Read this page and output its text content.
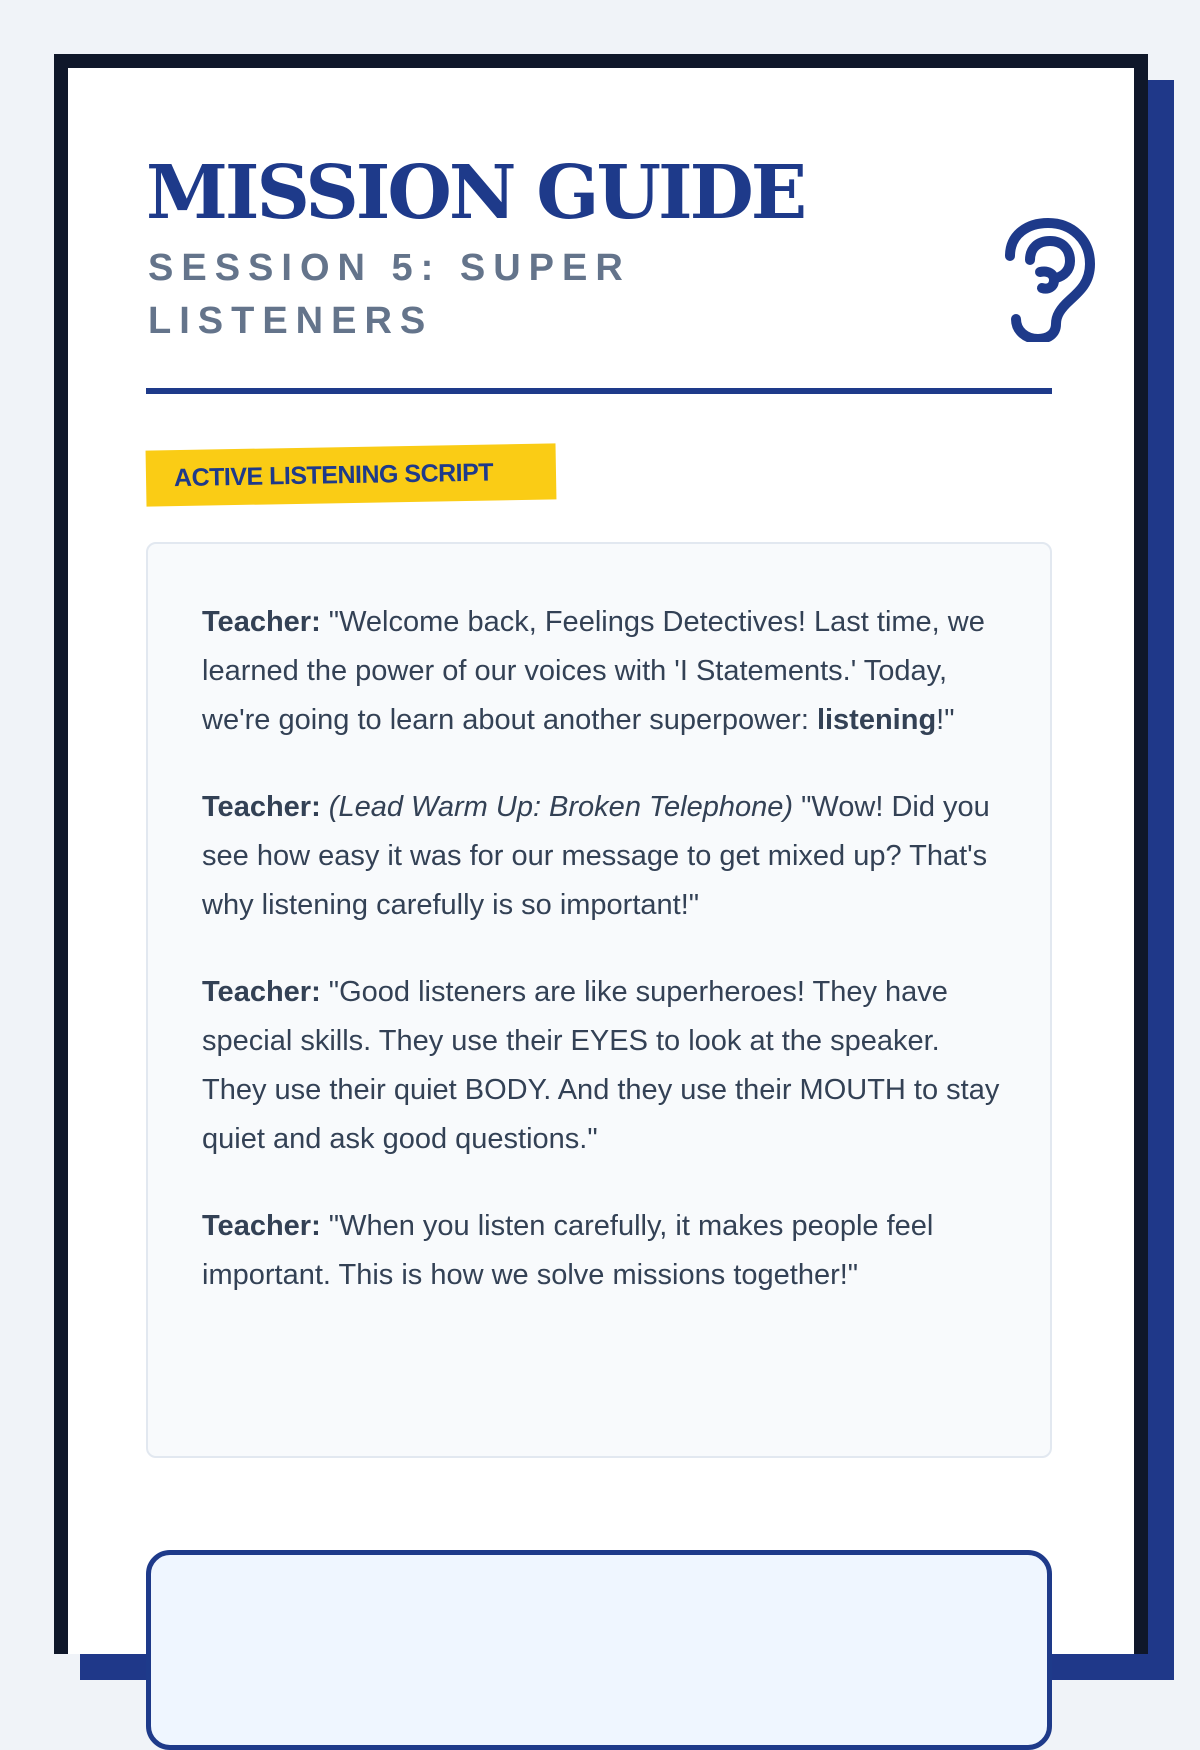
MISSION GUIDE
SESSION 5: SUPER LISTENERS
ACTIVE LISTENING SCRIPT

Teacher: "Welcome back, Feelings Detectives! Last time, we learned the power of our voices with 'I Statements.' Today, we're going to learn about another superpower: listening!"

Teacher: (Lead Warm Up: Broken Telephone) "Wow! Did you see how easy it was for our message to get mixed up? That's why listening carefully is so important!"

Teacher: "Good listeners are like superheroes! They have special skills. They use their EYES to look at the speaker. They use their quiet BODY. And they use their MOUTH to stay quiet and ask good questions."

Teacher: "When you listen carefully, it makes people feel important. This is how we solve missions together!"
